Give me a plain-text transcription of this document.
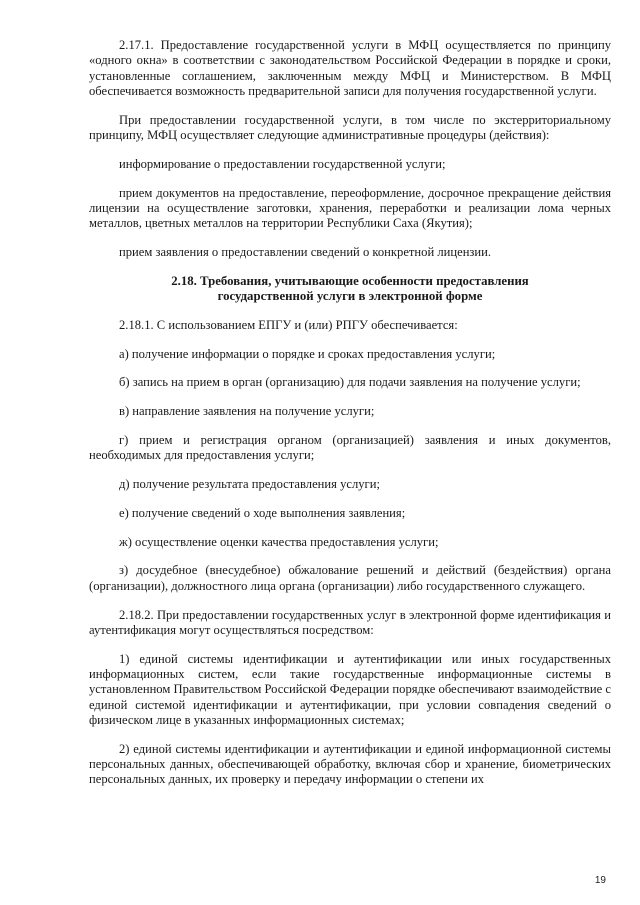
2.17.1. Предоставление государственной услуги в МФЦ осуществляется по принципу «одного окна» в соответствии с законодательством Российской Федерации в порядке и сроки, установленные соглашением, заключенным между МФЦ и Министерством. В МФЦ обеспечивается возможность предварительной записи для получения государственной услуги.

При предоставлении государственной услуги, в том числе по экстерриториальному принципу, МФЦ осуществляет следующие административные процедуры (действия):

информирование о предоставлении государственной услуги;

прием документов на предоставление, переоформление, досрочное прекращение действия лицензии на осуществление заготовки, хранения, переработки и реализации лома черных металлов, цветных металлов на территории Республики Саха (Якутия);

прием заявления о предоставлении сведений о конкретной лицензии.

2.18. Требования, учитывающие особенности предоставления
государственной услуги в электронной форме

2.18.1. С использованием ЕПГУ и (или) РПГУ обеспечивается:

а) получение информации о порядке и сроках предоставления услуги;

б) запись на прием в орган (организацию) для подачи заявления на получение услуги;

в) направление заявления на получение услуги;

г) прием и регистрация органом (организацией) заявления и иных документов, необходимых для предоставления услуги;

д) получение результата предоставления услуги;

е) получение сведений о ходе выполнения заявления;

ж) осуществление оценки качества предоставления услуги;

з) досудебное (внесудебное) обжалование решений и действий (бездействия) органа (организации), должностного лица органа (организации) либо государственного служащего.

2.18.2. При предоставлении государственных услуг в электронной форме идентификация и аутентификация могут осуществляться посредством:

1) единой системы идентификации и аутентификации или иных государственных информационных систем, если такие государственные информационные системы в установленном Правительством Российской Федерации порядке обеспечивают взаимодействие с единой системой идентификации и аутентификации, при условии совпадения сведений о физическом лице в указанных информационных системах;

2) единой системы идентификации и аутентификации и единой информационной системы персональных данных, обеспечивающей обработку, включая сбор и хранение, биометрических персональных данных, их проверку и передачу информации о степени их

19
